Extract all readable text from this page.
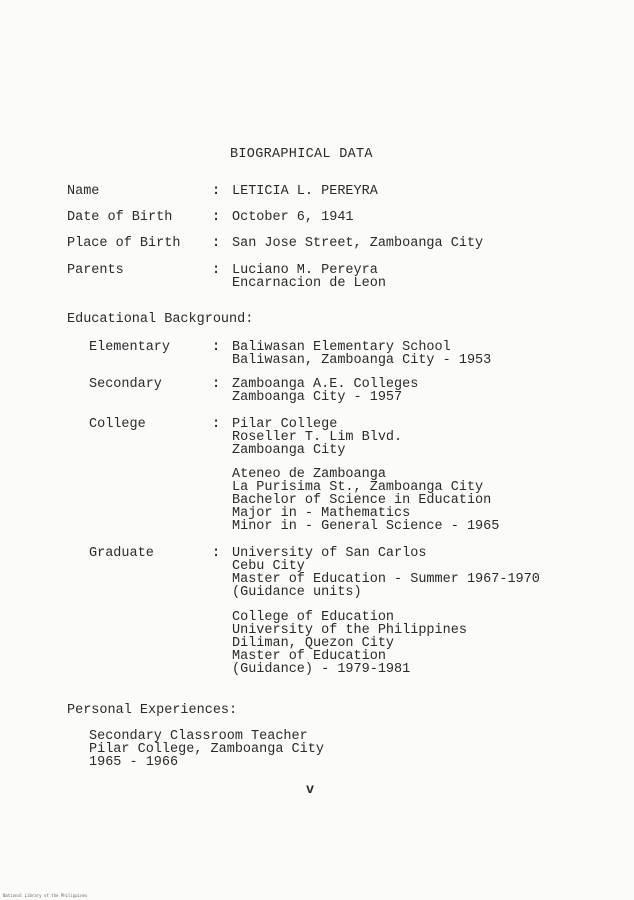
BIOGRAPHICAL DATA
Name	: LETICIA L. PEREYRA
Date of Birth	: October 6, 1941
Place of Birth : San Jose Street, Zamboanga City
Parents	: Luciano M. Pereyra
Encarnacion de Leon
Educational Background:
Elementary	: Baliwasan Elementary School
Baliwasan, Zamboanga City - 1953
Secondary	: Zamboanga A.E. Colleges
Zamboanga City - 1957
College	: Pilar College
Roseller T. Lim Blvd.
Zamboanga City
Ateneo de Zamboanga
La Purisima St., Zamboanga City
Bachelor of Science in Education
Major in - Mathematics
Minor in - General Science - 1965
Graduate	: University of San Carlos
Cebu City
Master of Education - Summer 1967-1970
(Guidance units)
College of Education
University of the Philippines
Diliman, Quezon City
Master of Education
(Guidance) - 1979-1981
Personal Experiences:
Secondary Classroom Teacher
Pilar College, Zamboanga City
1965 - 1966
v
National Library of the Philippines
